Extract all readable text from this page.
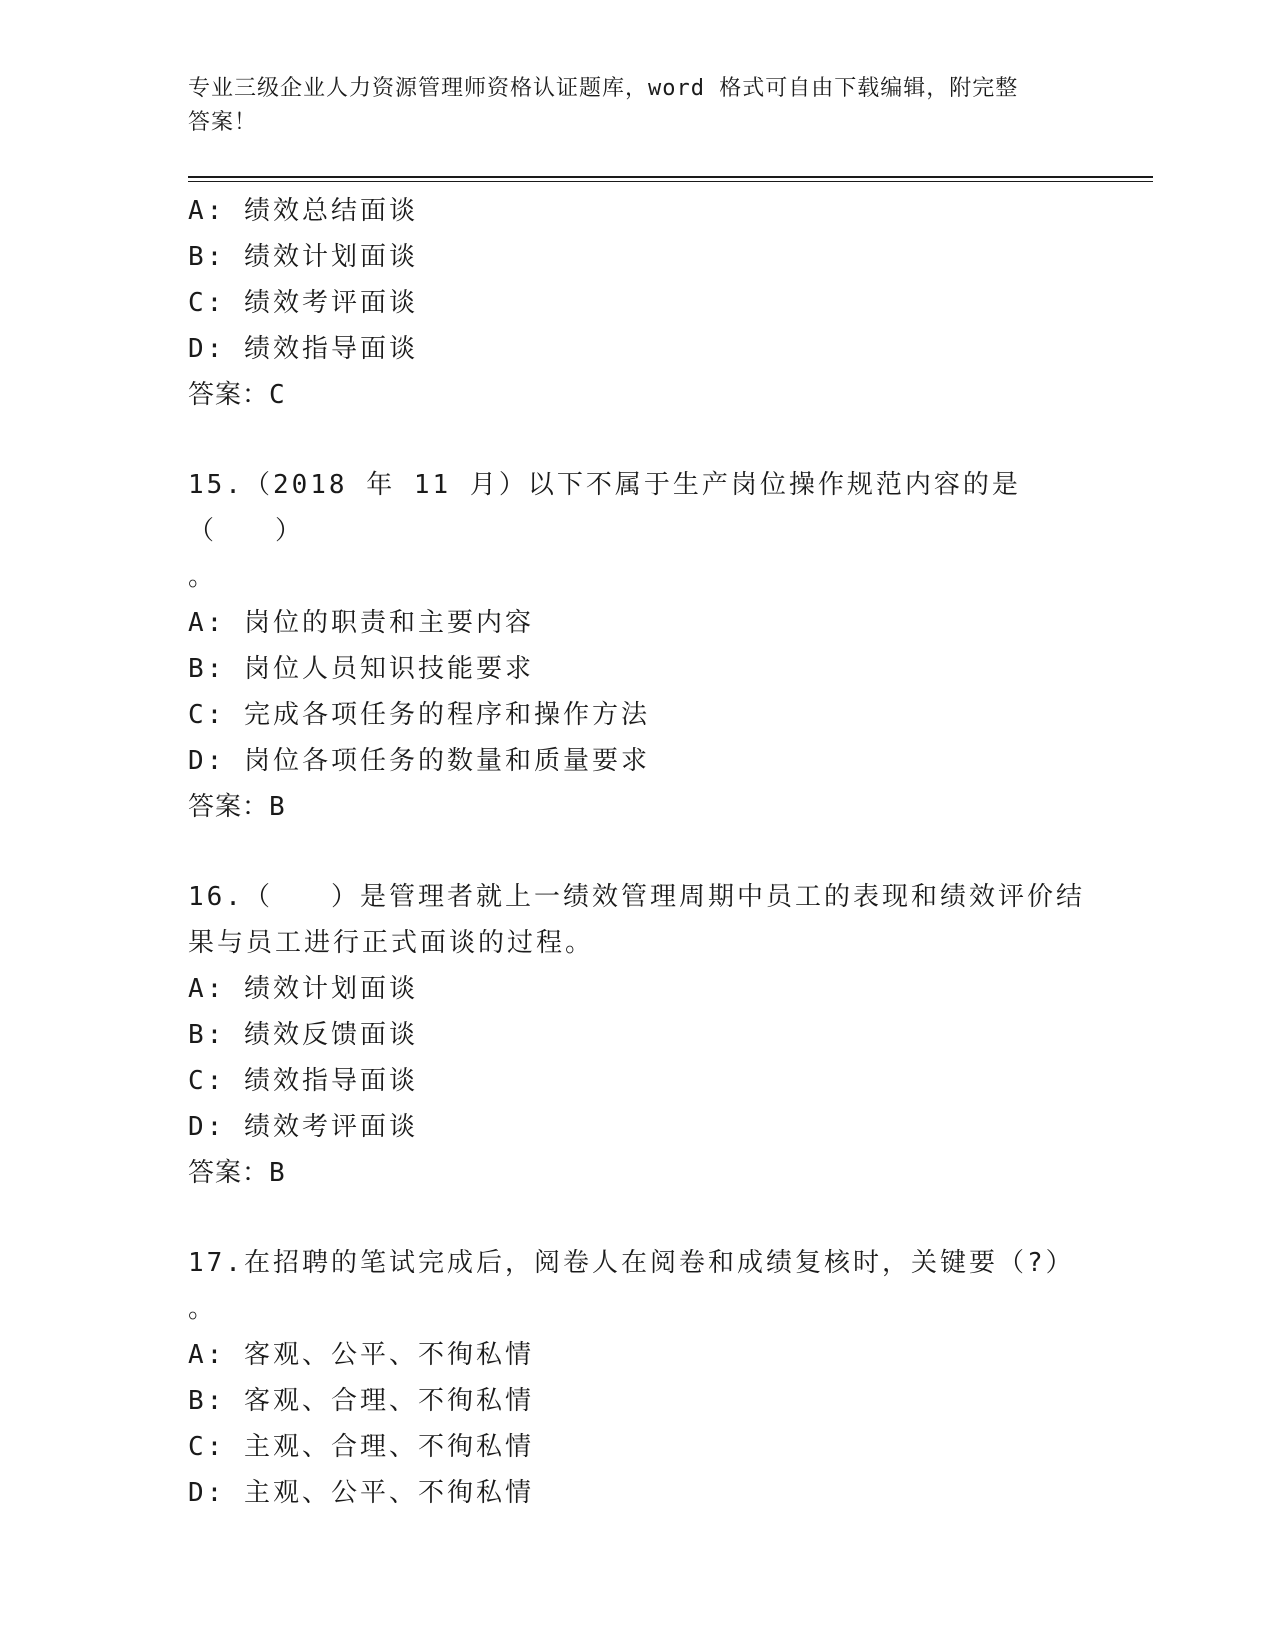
专业三级企业人力资源管理师资格认证题库，word 格式可自由下载编辑，附完整
答案！
A: 绩效总结面谈
B: 绩效计划面谈
C: 绩效考评面谈
D: 绩效指导面谈
答案：C
15.（2018 年 11 月）以下不属于生产岗位操作规范内容的是（　　）
。
A: 岗位的职责和主要内容
B: 岗位人员知识技能要求
C: 完成各项任务的程序和操作方法
D: 岗位各项任务的数量和质量要求
答案：B
16.（　　）是管理者就上一绩效管理周期中员工的表现和绩效评价结
果与员工进行正式面谈的过程。
A: 绩效计划面谈
B: 绩效反馈面谈
C: 绩效指导面谈
D: 绩效考评面谈
答案：B
17.在招聘的笔试完成后，阅卷人在阅卷和成绩复核时，关键要（?）
。
A: 客观、公平、不徇私情
B: 客观、合理、不徇私情
C: 主观、合理、不徇私情
D: 主观、公平、不徇私情
